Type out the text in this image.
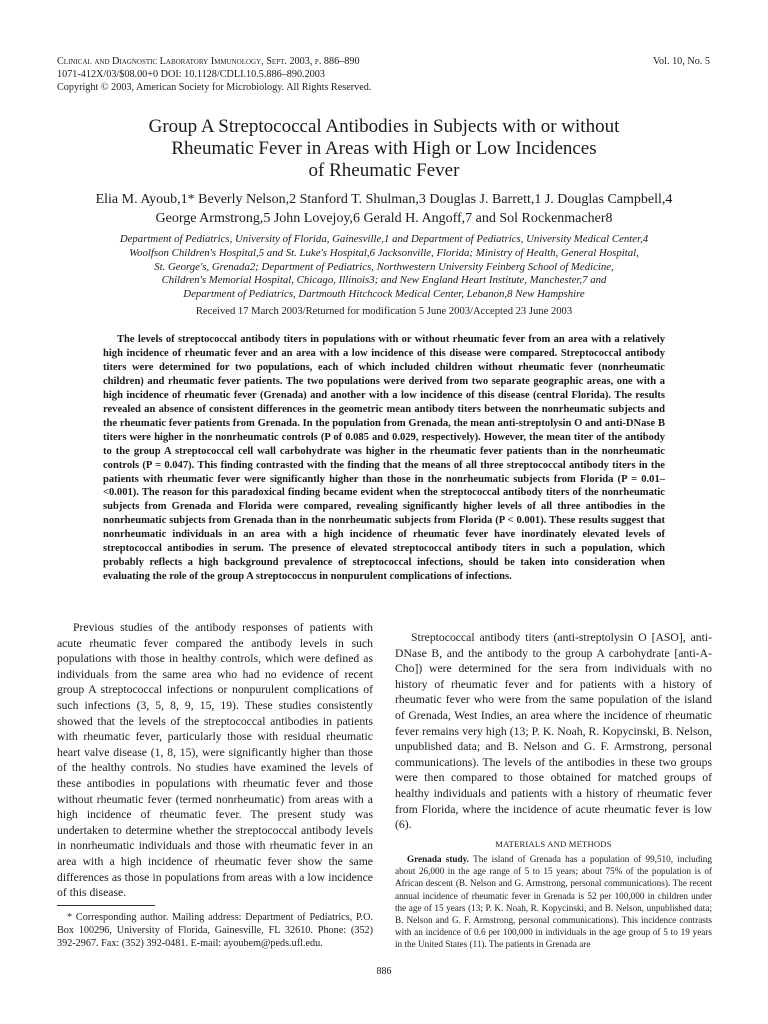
Clinical and Diagnostic Laboratory Immunology, Sept. 2003, p. 886–890
1071-412X/03/$08.00+0 DOI: 10.1128/CDLI.10.5.886–890.2003
Copyright © 2003, American Society for Microbiology. All Rights Reserved.
Vol. 10, No. 5
Group A Streptococcal Antibodies in Subjects with or without
Rheumatic Fever in Areas with High or Low Incidences
of Rheumatic Fever
Elia M. Ayoub,1* Beverly Nelson,2 Stanford T. Shulman,3 Douglas J. Barrett,1 J. Douglas Campbell,4
George Armstrong,5 John Lovejoy,6 Gerald H. Angoff,7 and Sol Rockenmacher8
Department of Pediatrics, University of Florida, Gainesville,1 and Department of Pediatrics, University Medical Center,4
Woolfson Children's Hospital,5 and St. Luke's Hospital,6 Jacksonville, Florida; Ministry of Health, General Hospital,
St. George's, Grenada2; Department of Pediatrics, Northwestern University Feinberg School of Medicine,
Children's Memorial Hospital, Chicago, Illinois3; and New England Heart Institute, Manchester,7 and
Department of Pediatrics, Dartmouth Hitchcock Medical Center, Lebanon,8 New Hampshire
Received 17 March 2003/Returned for modification 5 June 2003/Accepted 23 June 2003
The levels of streptococcal antibody titers in populations with or without rheumatic fever from an area with a relatively high incidence of rheumatic fever and an area with a low incidence of this disease were compared. Streptococcal antibody titers were determined for two populations, each of which included children without rheumatic fever (nonrheumatic children) and rheumatic fever patients. The two populations were derived from two separate geographic areas, one with a high incidence of rheumatic fever (Grenada) and another with a low incidence of this disease (central Florida). The results revealed an absence of consistent differences in the geometric mean antibody titers between the nonrheumatic subjects and the rheumatic fever patients from Grenada. In the population from Grenada, the mean anti-streptolysin O and anti-DNase B titers were higher in the nonrheumatic controls (P of 0.085 and 0.029, respectively). However, the mean titer of the antibody to the group A streptococcal cell wall carbohydrate was higher in the rheumatic fever patients than in the nonrheumatic controls (P = 0.047). This finding contrasted with the finding that the means of all three streptococcal antibody titers in the patients with rheumatic fever were significantly higher than those in the nonrheumatic subjects from Florida (P = 0.01–<0.001). The reason for this paradoxical finding became evident when the streptococcal antibody titers of the nonrheumatic subjects from Grenada and Florida were compared, revealing significantly higher levels of all three antibodies in the nonrheumatic subjects from Grenada than in the nonrheumatic subjects from Florida (P < 0.001). These results suggest that nonrheumatic individuals in an area with a high incidence of rheumatic fever have inordinately elevated levels of streptococcal antibodies in serum. The presence of elevated streptococcal antibody titers in such a population, which probably reflects a high background prevalence of streptococcal infections, should be taken into consideration when evaluating the role of the group A streptococcus in nonpurulent complications of infections.

Previous studies of the antibody responses of patients with acute rheumatic fever compared the antibody levels in such populations with those in healthy controls, which were defined as individuals from the same area who had no evidence of recent group A streptococcal infections or nonpurulent complications of such infections (3, 5, 8, 9, 15, 19). These studies consistently showed that the levels of the streptococcal antibodies in patients with rheumatic fever, particularly those with residual rheumatic heart valve disease (1, 8, 15), were significantly higher than those of the healthy controls. No studies have examined the levels of these antibodies in populations with rheumatic fever and those without rheumatic fever (termed nonrheumatic) from areas with a high incidence of rheumatic fever. The present study was undertaken to determine whether the streptococcal antibody levels in nonrheumatic individuals and those with rheumatic fever in an area with a high incidence of rheumatic fever show the same differences as those in populations from areas with a low incidence of this disease.

* Corresponding author. Mailing address: Department of Pediatrics, P.O. Box 100296, University of Florida, Gainesville, FL 32610. Phone: (352) 392-2967. Fax: (352) 392-0481. E-mail: ayoubem@peds.ufl.edu.

Streptococcal antibody titers (anti-streptolysin O [ASO], anti-DNase B, and the antibody to the group A carbohydrate [anti-A-Cho]) were determined for the sera from individuals with no history of rheumatic fever and for patients with a history of rheumatic fever who were from the same population of the island of Grenada, West Indies, an area where the incidence of rheumatic fever remains very high (13; P. K. Noah, R. Kopycinski, B. Nelson, unpublished data; and B. Nelson and G. F. Armstrong, personal communications). The levels of the antibodies in these two groups were then compared to those obtained for matched groups of healthy individuals and patients with a history of rheumatic fever from Florida, where the incidence of acute rheumatic fever is low (6).

MATERIALS AND METHODS
Grenada study. The island of Grenada has a population of 99,510, including about 26,000 in the age range of 5 to 15 years; about 75% of the population is of African descent (B. Nelson and G. Armstrong, personal communications). The recent annual incidence of rheumatic fever in Grenada is 52 per 100,000 in children under the age of 15 years (13; P. K. Noah, R. Kopycinski, and B. Nelson, unpublished data; B. Nelson and G. F. Armstrong, personal communications). This incidence contrasts with an incidence of 0.6 per 100,000 in individuals in the age group of 5 to 19 years in the United States (11). The patients in Grenada are
886
